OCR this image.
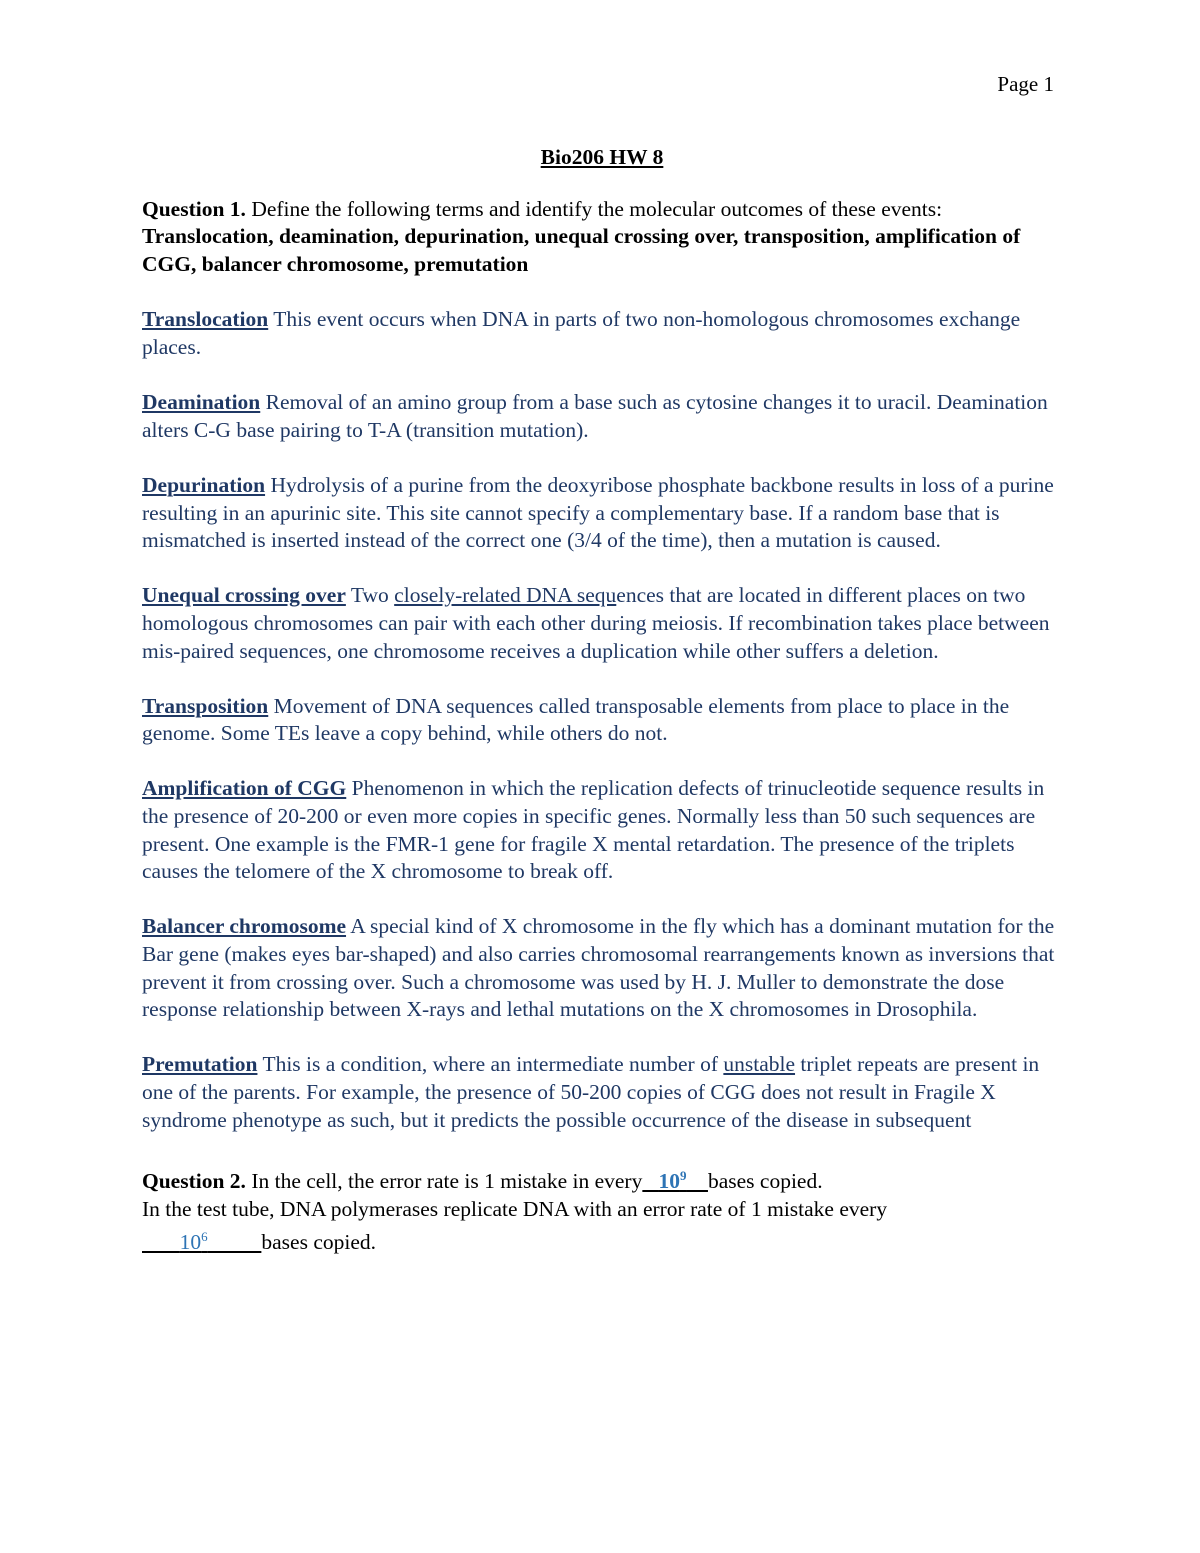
Page 1
Bio206 HW 8
Question 1. Define the following terms and identify the molecular outcomes of these events:
Translocation, deamination, depurination, unequal crossing over, transposition, amplification of CGG, balancer chromosome, premutation
Translocation This event occurs when DNA in parts of two non-homologous chromosomes exchange places.
Deamination Removal of an amino group from a base such as cytosine changes it to uracil. Deamination alters C-G base pairing to T-A (transition mutation).
Depurination Hydrolysis of a purine from the deoxyribose phosphate backbone results in loss of a purine resulting in an apurinic site. This site cannot specify a complementary base. If a random base that is mismatched is inserted instead of the correct one (3/4 of the time), then a mutation is caused.
Unequal crossing over Two closely-related DNA sequences that are located in different places on two homologous chromosomes can pair with each other during meiosis. If recombination takes place between mis-paired sequences, one chromosome receives a duplication while other suffers a deletion.
Transposition Movement of DNA sequences called transposable elements from place to place in the genome. Some TEs leave a copy behind, while others do not.
Amplification of CGG Phenomenon in which the replication defects of trinucleotide sequence results in the presence of 20-200 or even more copies in specific genes. Normally less than 50 such sequences are present. One example is the FMR-1 gene for fragile X mental retardation. The presence of the triplets causes the telomere of the X chromosome to break off.
Balancer chromosome A special kind of X chromosome in the fly which has a dominant mutation for the Bar gene (makes eyes bar-shaped) and also carries chromosomal rearrangements known as inversions that prevent it from crossing over. Such a chromosome was used by H. J. Muller to demonstrate the dose response relationship between X-rays and lethal mutations on the X chromosomes in Drosophila.
Premutation This is a condition, where an intermediate number of unstable triplet repeats are present in one of the parents. For example, the presence of 50-200 copies of CGG does not result in Fragile X syndrome phenotype as such, but it predicts the possible occurrence of the disease in subsequent
Question 2. In the cell, the error rate is 1 mistake in every $10^9$ bases copied.
In the test tube, DNA polymerases replicate DNA with an error rate of 1 mistake every
$10^6$	bases copied.
